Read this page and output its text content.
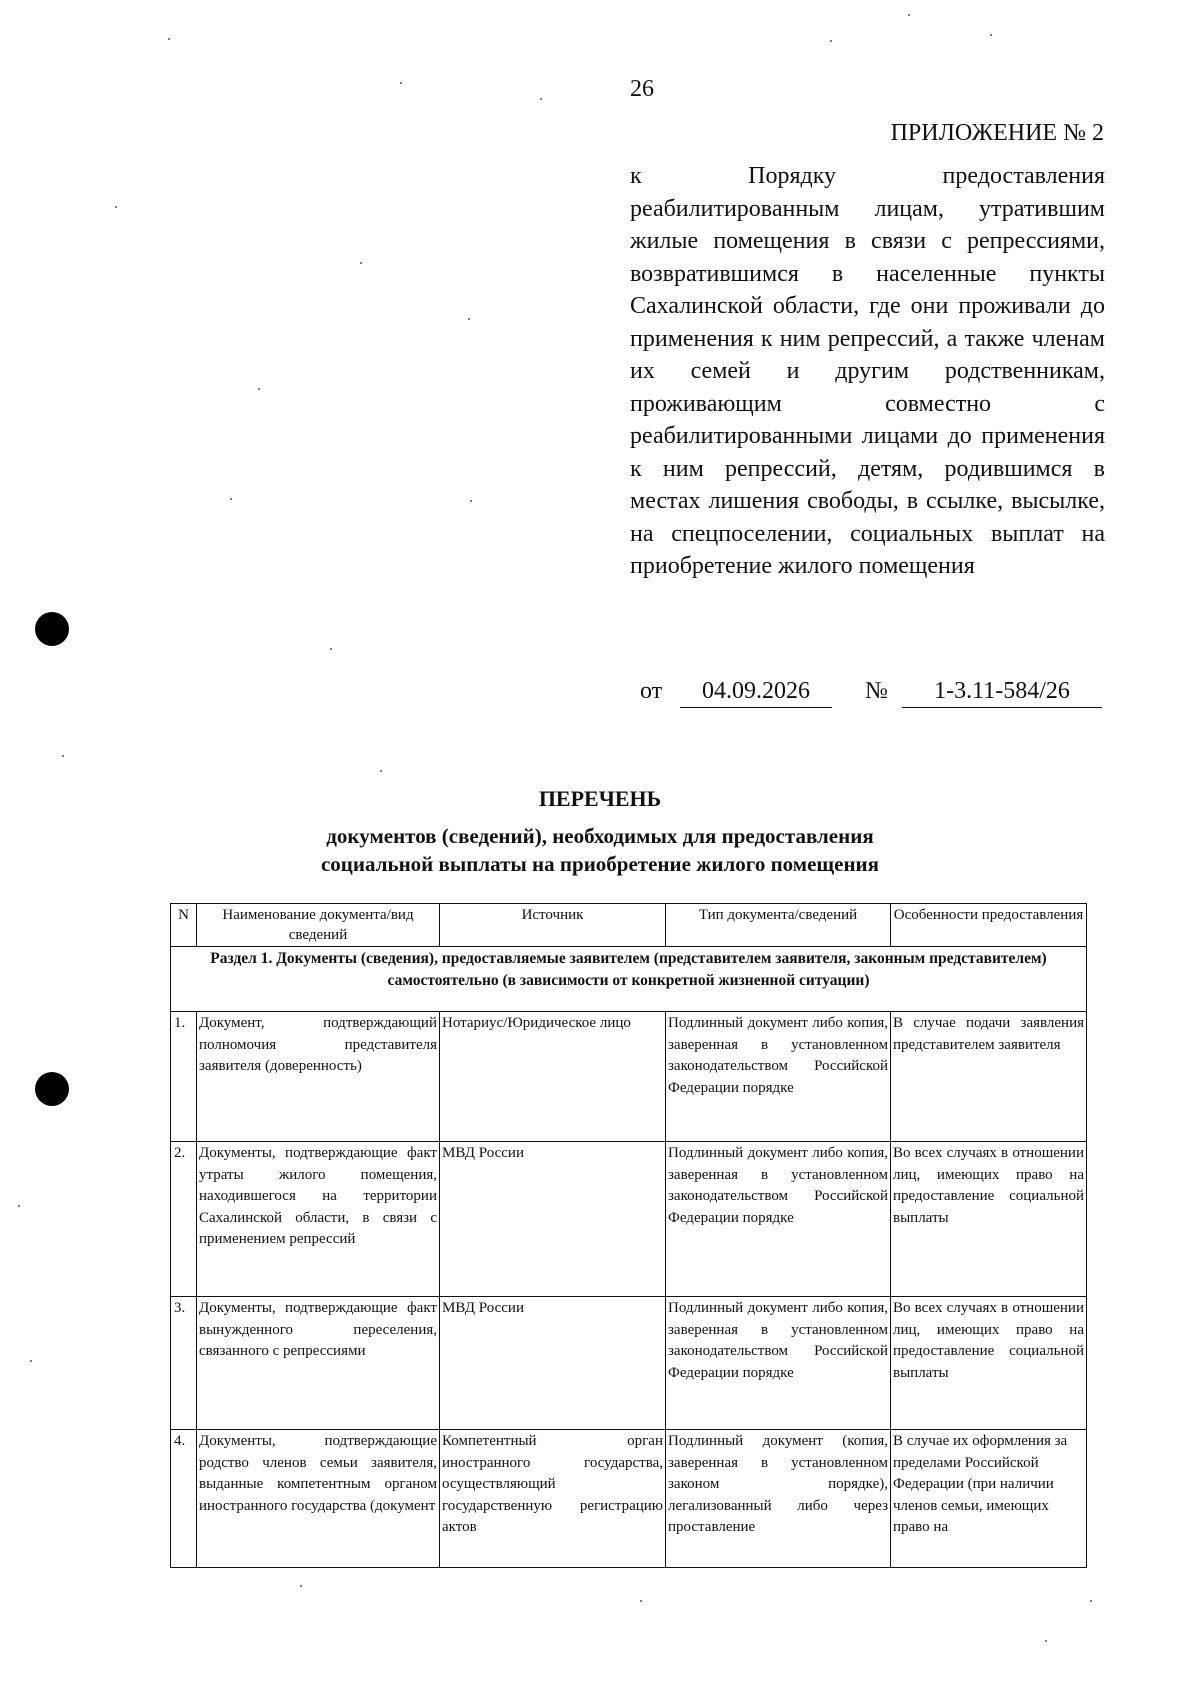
26
ПРИЛОЖЕНИЕ № 2
к Порядку предоставления реабилитированным лицам, утратившим жилые помещения в связи с репрессиями, возвратившимся в населенные пункты Сахалинской области, где они проживали до применения к ним репрессий, а также членам их семей и другим родственникам, проживающим совместно с реабилитированными лицами до применения к ним репрессий, детям, родившимся в местах лишения свободы, в ссылке, высылке, на спецпоселении, социальных выплат на приобретение жилого помещения
от	04.09.2026	№	1-3.11-584/26
ПЕРЕЧЕНЬ
документов (сведений), необходимых для предоставления
социальной выплаты на приобретение жилого помещения
N	Наименование документа/вид сведений	Источник	Тип документа/сведений	Особенности предоставления
Раздел 1. Документы (сведения), предоставляемые заявителем (представителем заявителя, законным представителем) самостоятельно (в зависимости от конкретной жизненной ситуации)				
1.	Документ, подтверждающий полномочия представителя заявителя (доверенность)	Нотариус/Юридическое лицо	Подлинный документ либо копия, заверенная в установленном законодательством Российской Федерации порядке	В случае подачи заявления представителем заявителя
2.	Документы, подтверждающие факт утраты жилого помещения, находившегося на территории Сахалинской области, в связи с применением репрессий	МВД России	Подлинный документ либо копия, заверенная в установленном законодательством Российской Федерации порядке	Во всех случаях в отношении лиц, имеющих право на предоставление социальной выплаты
3.	Документы, подтверждающие факт вынужденного переселения, связанного с репрессиями	МВД России	Подлинный документ либо копия, заверенная в установленном законодательством Российской Федерации порядке	Во всех случаях в отношении лиц, имеющих право на предоставление социальной выплаты
4.	Документы, подтверждающие родство членов семьи заявителя, выданные компетентным органом иностранного государства (документ	Компетентный орган иностранного государства, осуществляющий государственную регистрацию актов	Подлинный документ (копия, заверенная в установленном законом порядке), легализованный либо через проставление	В случае их оформления за пределами Российской Федерации (при наличии членов семьи, имеющих право на
